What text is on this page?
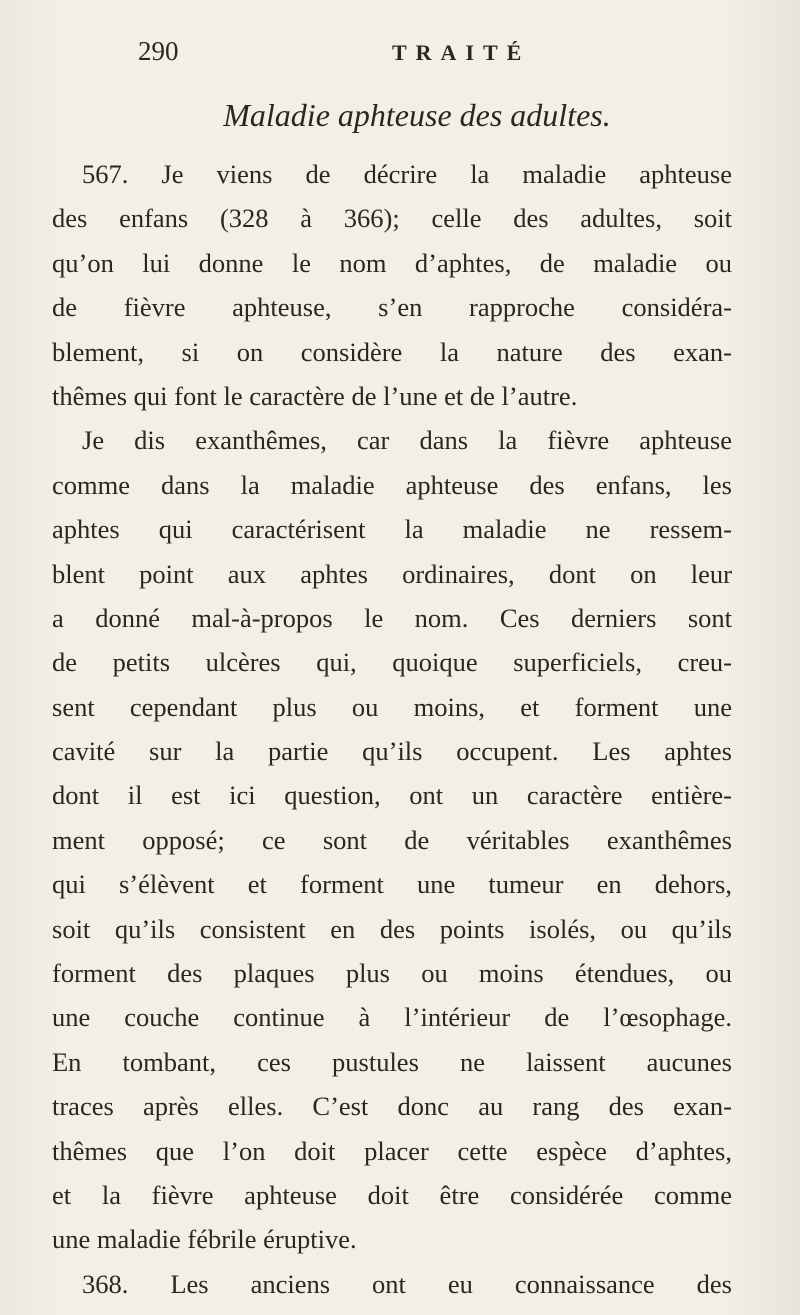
290	TRAITÉ
Maladie aphteuse des adultes.
567. Je viens de décrire la maladie aphteuse
des enfans (328 à 366); celle des adultes, soit
qu’on lui donne le nom d’aphtes, de maladie ou
de fièvre aphteuse, s’en rapproche considéra-
blement, si on considère la nature des exan-
thêmes qui font le caractère de l’une et de l’autre.
Je dis exanthêmes, car dans la fièvre aphteuse
comme dans la maladie aphteuse des enfans, les
aphtes qui caractérisent la maladie ne ressem-
blent point aux aphtes ordinaires, dont on leur
a donné mal-à-propos le nom. Ces derniers sont
de petits ulcères qui, quoique superficiels, creu-
sent cependant plus ou moins, et forment une
cavité sur la partie qu’ils occupent. Les aphtes
dont il est ici question, ont un caractère entière-
ment opposé; ce sont de véritables exanthêmes
qui s’élèvent et forment une tumeur en dehors,
soit qu’ils consistent en des points isolés, ou qu’ils
forment des plaques plus ou moins étendues, ou
une couche continue à l’intérieur de l’œsophage.
En tombant, ces pustules ne laissent aucunes
traces après elles. C’est donc au rang des exan-
thêmes que l’on doit placer cette espèce d’aphtes,
et la fièvre aphteuse doit être considérée comme
une maladie fébrile éruptive.
368. Les anciens ont eu connaissance des
